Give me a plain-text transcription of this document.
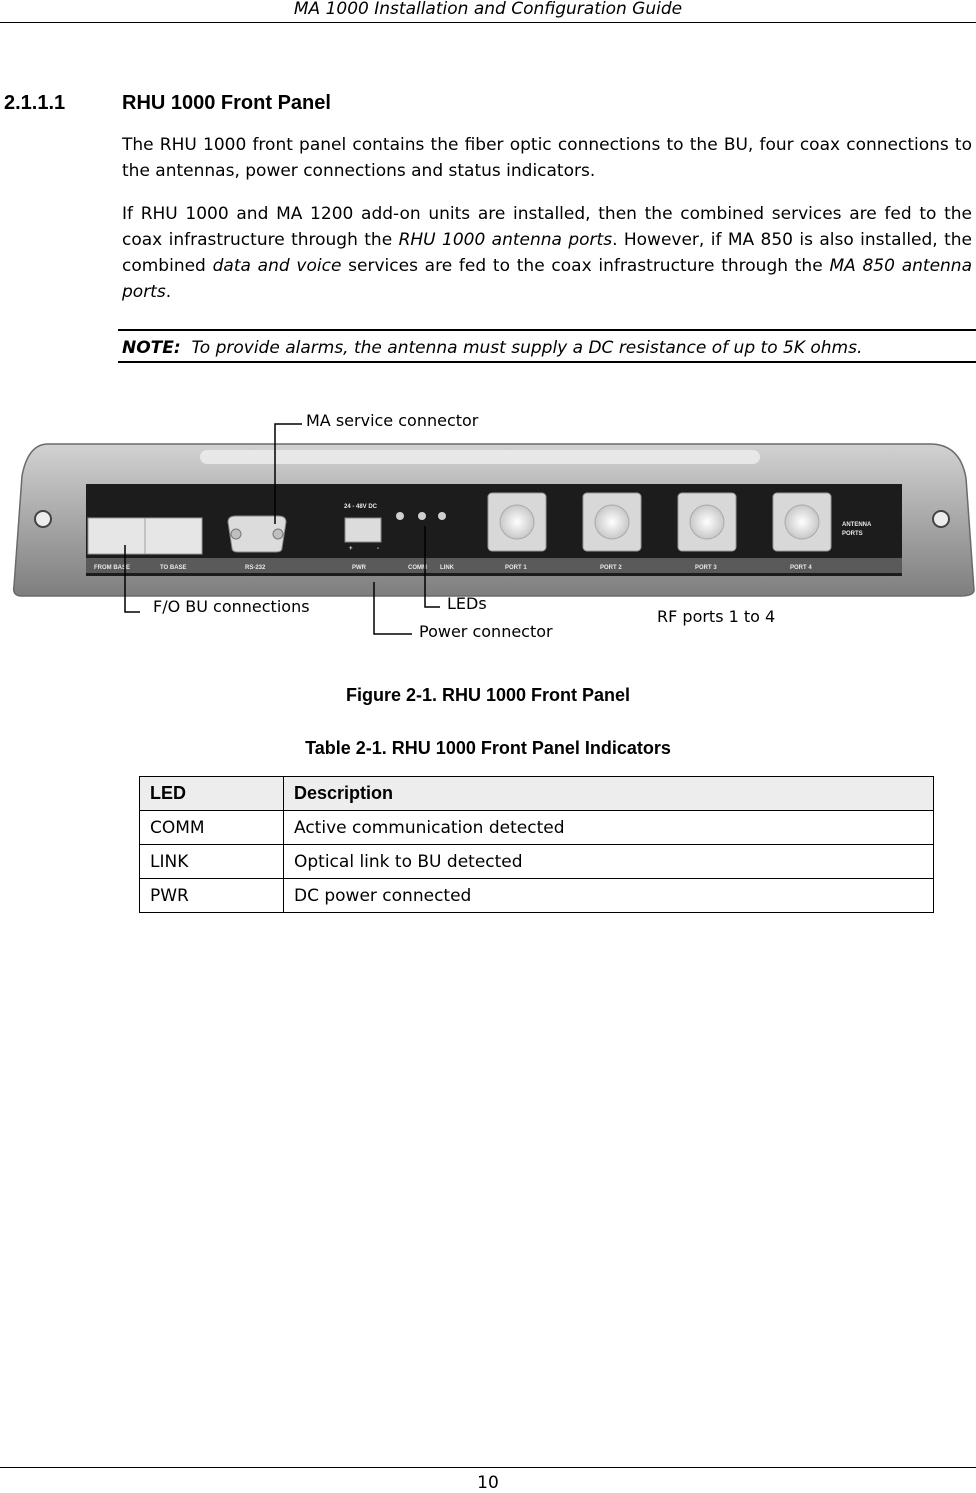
MA 1000 Installation and Configuration Guide
2.1.1.1	RHU 1000 Front Panel
The RHU 1000 front panel contains the fiber optic connections to the BU, four coax connections to the antennas, power connections and status indicators.
If RHU 1000 and MA 1200 add-on units are installed, then the combined services are fed to the coax infrastructure through the RHU 1000 antenna ports. However, if MA 850 is also installed, the combined data and voice services are fed to the coax infrastructure through the MA 850 antenna ports.
NOTE: To provide alarms, the antenna must supply a DC resistance of up to 5K ohms.
FROM BASE	TO BASE	RS-232	PWR	COMM LINK	PORT 1	PORT 2	PORT 3	PORT 4
24 - 48V DC
+	-
ANTENNA
PORTS
MA service connector
F/O BU connections	LEDs
Power connector
RF ports 1 to 4
Figure 2-1. RHU 1000 Front Panel
Table 2-1. RHU 1000 Front Panel Indicators
LED	Description
COMM	Active communication detected
LINK	Optical link to BU detected
PWR	DC power connected
10
